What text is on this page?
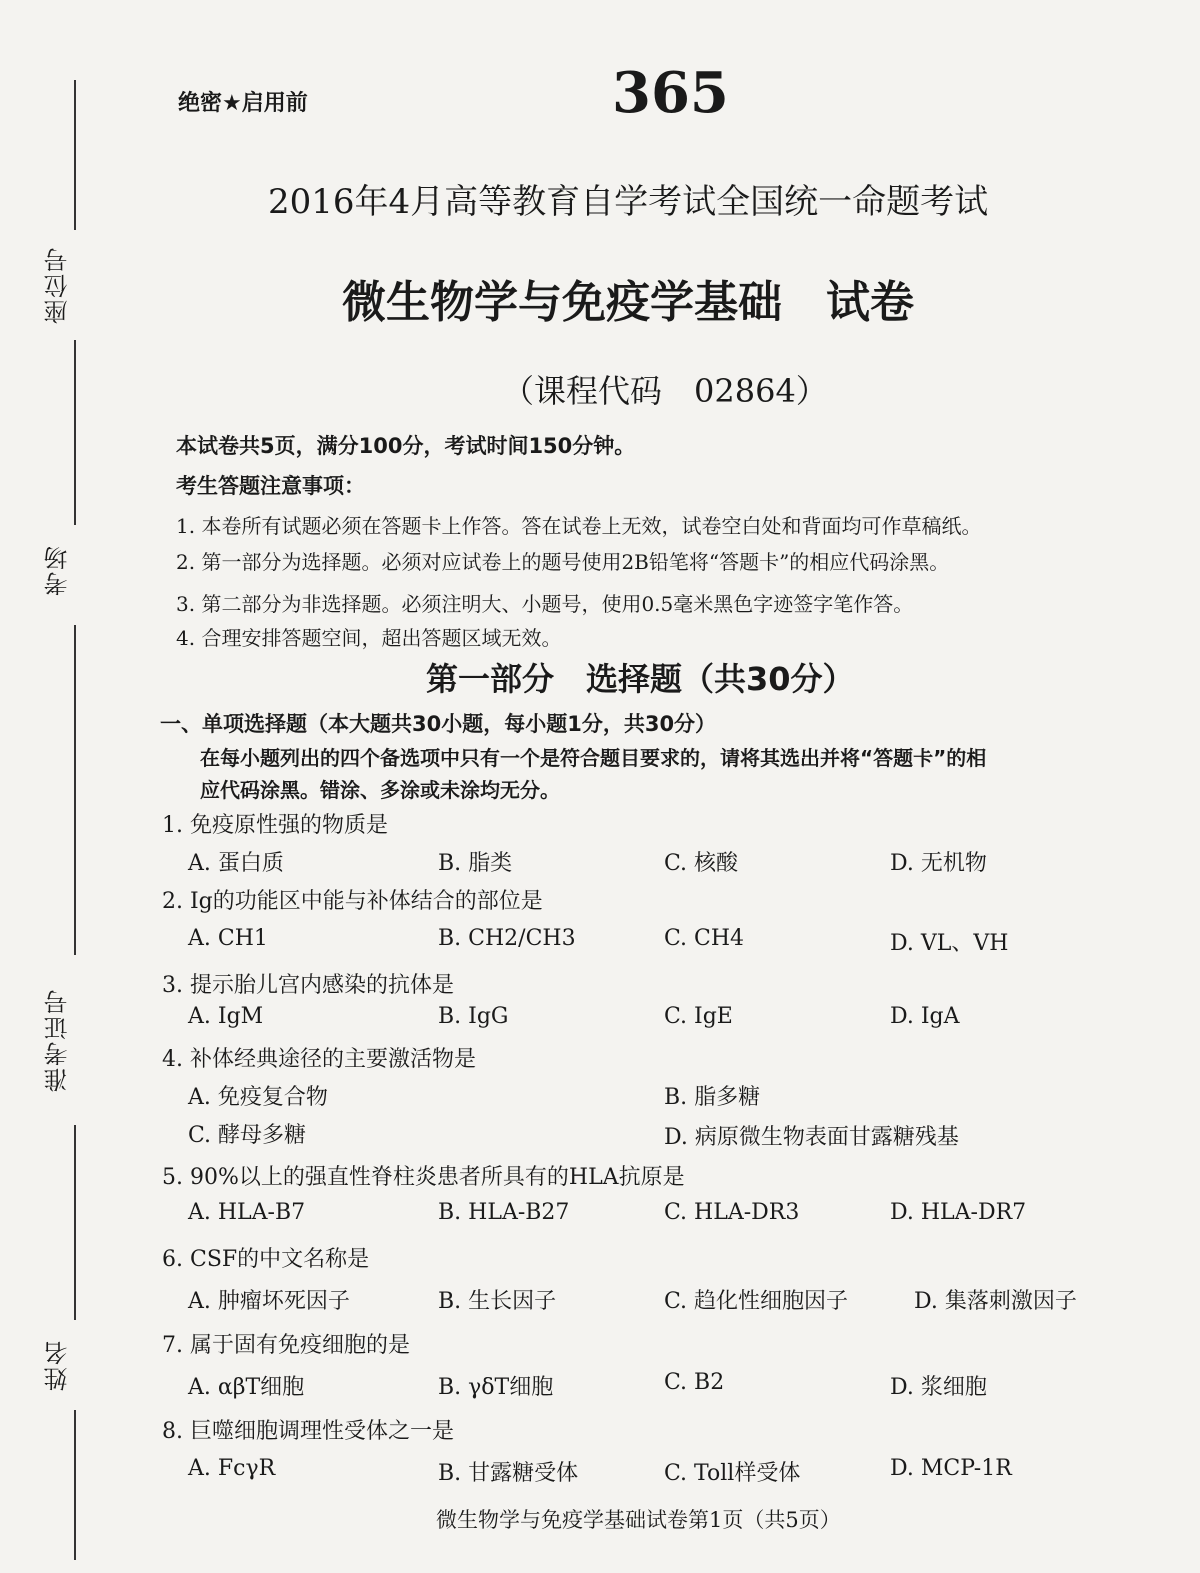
座位号
考场
准考证号
姓名
绝密★启用前	365
2016年4月高等教育自学考试全国统一命题考试
微生物学与免疫学基础　试卷
（课程代码　02864）
本试卷共5页，满分100分，考试时间150分钟。
考生答题注意事项：
1. 本卷所有试题必须在答题卡上作答。答在试卷上无效，试卷空白处和背面均可作草稿纸。
2. 第一部分为选择题。必须对应试卷上的题号使用2B铅笔将“答题卡”的相应代码涂黑。
3. 第二部分为非选择题。必须注明大、小题号，使用0.5毫米黑色字迹签字笔作答。
4. 合理安排答题空间，超出答题区域无效。
第一部分　选择题（共30分）
一、单项选择题（本大题共30小题，每小题1分，共30分）
在每小题列出的四个备选项中只有一个是符合题目要求的，请将其选出并将“答题卡”的相
应代码涂黑。错涂、多涂或未涂均无分。
1. 免疫原性强的物质是
A. 蛋白质	B. 脂类	C. 核酸	D. 无机物
2. Ig的功能区中能与补体结合的部位是
A. CH1	B. CH2/CH3	C. CH4	D. VL、VH
3. 提示胎儿宫内感染的抗体是
A. IgM	B. IgG	C. IgE	D. IgA
4. 补体经典途径的主要激活物是
A. 免疫复合物	B. 脂多糖
C. 酵母多糖	D. 病原微生物表面甘露糖残基
5. 90%以上的强直性脊柱炎患者所具有的HLA抗原是
A. HLA-B7	B. HLA-B27	C. HLA-DR3	D. HLA-DR7
6. CSF的中文名称是
A. 肿瘤坏死因子	B. 生长因子	C. 趋化性细胞因子	D. 集落刺激因子
7. 属于固有免疫细胞的是
A. αβT细胞	B. γδT细胞	C. B2	D. 浆细胞
8. 巨噬细胞调理性受体之一是
A. FcγR	B. 甘露糖受体	C. Toll样受体	D. MCP-1R
微生物学与免疫学基础试卷第1页（共5页）
